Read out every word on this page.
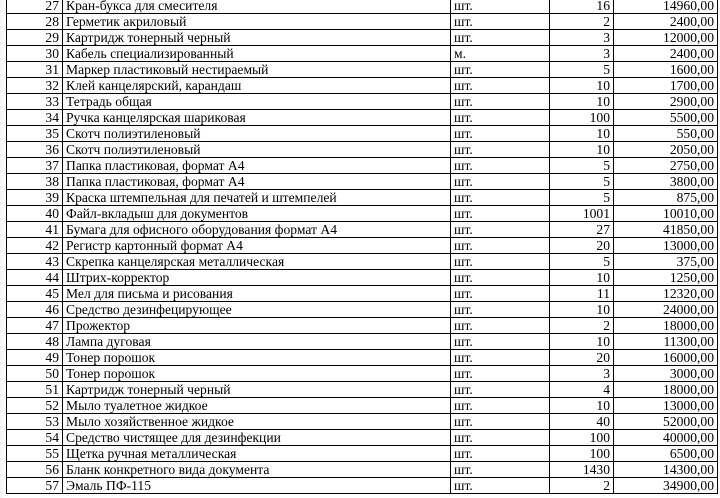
27	Кран-букса для смесителя	шт.	16	14960,00
28	Герметик акриловый	шт.	2	2400,00
29	Картридж тонерный черный	шт.	3	12000,00
30	Кабель специализированный	м.	3	2400,00
31	Маркер пластиковый нестираемый	шт.	5	1600,00
32	Клей канцелярский, карандаш	шт.	10	1700,00
33	Тетрадь общая	шт.	10	2900,00
34	Ручка канцелярская шариковая	шт.	100	5500,00
35	Скотч полиэтиленовый	шт.	10	550,00
36	Скотч полиэтиленовый	шт.	10	2050,00
37	Папка пластиковая, формат А4	шт.	5	2750,00
38	Папка пластиковая, формат А4	шт.	5	3800,00
39	Краска штемпельная для печатей и штемпелей	шт.	5	875,00
40	Файл-вкладыш для документов	шт.	1001	10010,00
41	Бумага для офисного оборудования формат А4	шт.	27	41850,00
42	Регистр картонный формат А4	шт.	20	13000,00
43	Скрепка канцелярская металлическая	шт.	5	375,00
44	Штрих-корректор	шт.	10	1250,00
45	Мел для письма и рисования	шт.	11	12320,00
46	Средство дезинфецирующее	шт.	10	24000,00
47	Прожектор	шт.	2	18000,00
48	Лампа дуговая	шт.	10	11300,00
49	Тонер порошок	шт.	20	16000,00
50	Тонер порошок	шт.	3	3000,00
51	Картридж тонерный черный	шт.	4	18000,00
52	Мыло туалетное жидкое	шт.	10	13000,00
53	Мыло хозяйственное жидкое	шт.	40	52000,00
54	Средство чистящее для дезинфекции	шт.	100	40000,00
55	Щетка ручная металлическая	шт.	100	6500,00
56	Бланк конкретного вида документа	шт.	1430	14300,00
57	Эмаль ПФ-115	шт.	2	34900,00
